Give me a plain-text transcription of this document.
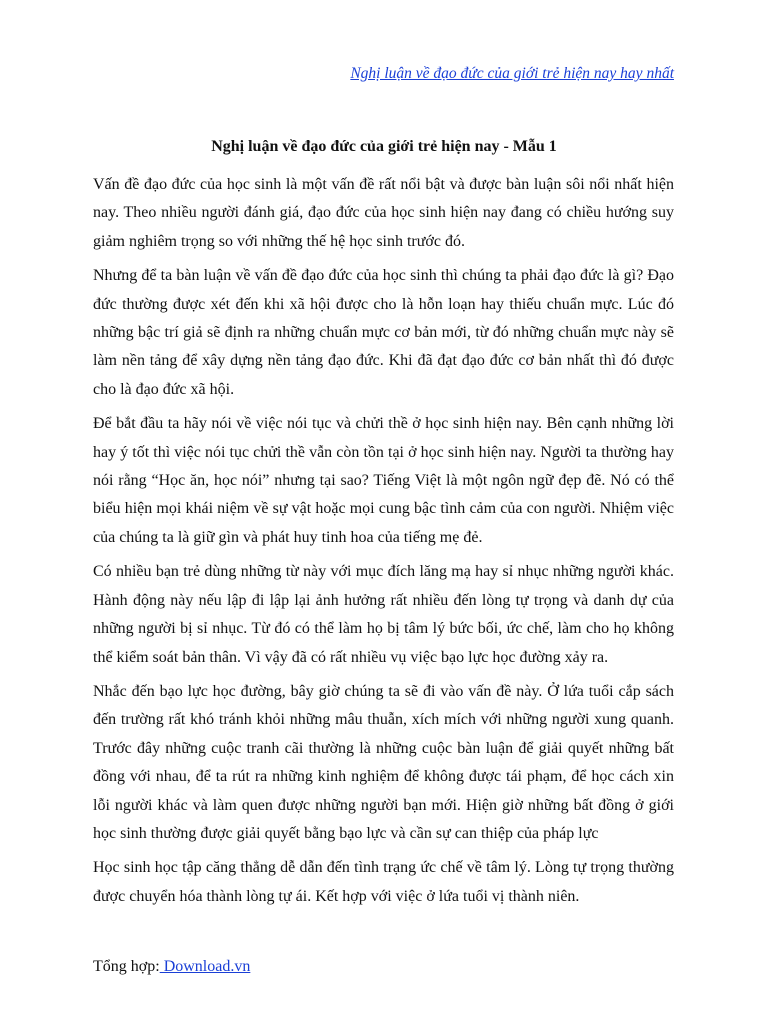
Nghị luận về đạo đức của giới trẻ hiện nay hay nhất
Nghị luận về đạo đức của giới trẻ hiện nay - Mẫu 1

Vấn đề đạo đức của học sinh là một vấn đề rất nổi bật và được bàn luận sôi nổi nhất hiện nay. Theo nhiều người đánh giá, đạo đức của học sinh hiện nay đang có chiều hướng suy giảm nghiêm trọng so với những thế hệ học sinh trước đó.

Nhưng để ta bàn luận về vấn đề đạo đức của học sinh thì chúng ta phải đạo đức là gì? Đạo đức thường được xét đến khi xã hội được cho là hỗn loạn hay thiếu chuẩn mực. Lúc đó những bậc trí giả sẽ định ra những chuẩn mực cơ bản mới, từ đó những chuẩn mực này sẽ làm nền tảng để xây dựng nền tảng đạo đức. Khi đã đạt đạo đức cơ bản nhất thì đó được cho là đạo đức xã hội.

Để bắt đầu ta hãy nói về việc nói tục và chửi thề ở học sinh hiện nay. Bên cạnh những lời hay ý tốt thì việc nói tục chửi thề vẫn còn tồn tại ở học sinh hiện nay. Người ta thường hay nói rằng “Học ăn, học nói” nhưng tại sao? Tiếng Việt là một ngôn ngữ đẹp đẽ. Nó có thể biểu hiện mọi khái niệm về sự vật hoặc mọi cung bậc tình cảm của con người. Nhiệm việc của chúng ta là giữ gìn và phát huy tinh hoa của tiếng mẹ đẻ.

Có nhiều bạn trẻ dùng những từ này với mục đích lăng mạ hay sỉ nhục những người khác. Hành động này nếu lập đi lập lại ảnh hưởng rất nhiều đến lòng tự trọng và danh dự của những người bị sỉ nhục. Từ đó có thể làm họ bị tâm lý bức bối, ức chế, làm cho họ không thể kiểm soát bản thân. Vì vậy đã có rất nhiều vụ việc bạo lực học đường xảy ra.

Nhắc đến bạo lực học đường, bây giờ chúng ta sẽ đi vào vấn đề này. Ở lứa tuổi cắp sách đến trường rất khó tránh khỏi những mâu thuẫn, xích mích với những người xung quanh. Trước đây những cuộc tranh cãi thường là những cuộc bàn luận để giải quyết những bất đồng với nhau, để ta rút ra những kinh nghiệm để không được tái phạm, để học cách xin lỗi người khác và làm quen được những người bạn mới. Hiện giờ những bất đồng ở giới học sinh thường được giải quyết bằng bạo lực và cần sự can thiệp của pháp lực

Học sinh học tập căng thẳng dễ dẫn đến tình trạng ức chế về tâm lý. Lòng tự trọng thường được chuyển hóa thành lòng tự ái. Kết hợp với việc ở lứa tuổi vị thành niên.

Tổng hợp: Download.vn
